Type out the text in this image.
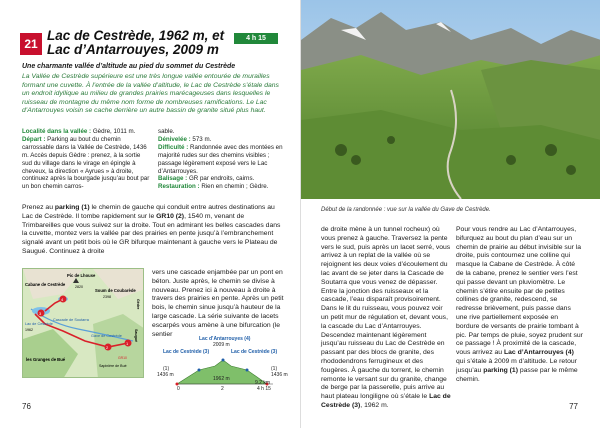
21
Lac de Cestrède, 1962 m, et Lac d’Antarrouyes, 2009 m
4 h 15
Une charmante vallée d’altitude au pied du sommet du Cestrède
La Vallée de Cestrède supérieure est une très longue vallée entourée de murailles formant une cuvette. À l’entrée de la vallée d’altitude, le Lac de Cestrède s’étale dans un endroit idyllique au milieu de grandes prairies marécageuses dans lesquelles le ruisseau de montagne du même nom forme de nombreuses ramifications. Le Lac d’Antarrouyes voisin se cache derrière un autre bassin de granite situé plus haut.
Localité dans la vallée : Gèdre, 1011 m.
Départ : Parking au bout du chemin carrossable dans la Vallée de Cestrède, 1436 m. Accès depuis Gèdre : prenez, à la sortie sud du village dans le virage en épingle à cheveux, la direction « Ayrues » à droite, continuez après la bourgade jusqu’au bout par un bon chemin carros-
sable.
Dénivelée : 573 m.
Difficulté : Randonnée avec des montées en majorité rudes sur des chemins visibles ; passage légèrement exposé vers le Lac d’Antarrouyes.
Balisage : GR par endroits, cairns.
Restauration : Rien en chemin ; Gèdre.
Prenez au parking (1) le chemin de gauche qui conduit entre autres destinations au Lac de Cestrède. Il tombe rapidement sur le GR10 (2), 1540 m, venant de Trimbareilles que vous suivez sur la droite. Tout en admirant les belles cascades dans la cuvette, montez vers la vallée par des prairies en pente jusqu’à l’embranchement signalé avant un petit bois où le GR bifurque maintenant à gauche vers le Plateau de Saugué. Continuez à droite
vers une cascade enjambée par un pont en béton. Juste après, le chemin se divise à nouveau. Prenez ici à nouveau à droite à travers des prairies en pente. Après un petit bois, le chemin sinue jusqu’à hauteur de la large cascade. La série suivante de lacets escarpés vous amène à une bifurcation (le sentier
1
2
3
4
Pic de Lhouse
2820
Soum de Coubarède
2398
Cabane de Cestrède
Lac de Cestrède
1962
Cascade de Soutarra
Gave de Cestrède
les Granges de Bué
Sapinière de Bué
GR10
Saugué
Gèdre
Lac d’Antarrouyes (4)
2009 m
Lac de Cestrède (3)	Lac de Cestrède (3)
(1)
1436 m
(1)
1436 m
1962 m
0	2	4 h 15
9.2 km
76
Début de la randonnée : vue sur la vallée du Gave de Cestrède.
de droite mène à un tunnel rocheux) où vous prenez à gauche. Traversez la pente vers le sud, puis après un lacet serré, vous arrivez à un replat de la vallée où se rejoignent les deux voies d’écoulement du lac avant de se jeter dans la Cascade de Soutarra que vous venez de dépasser. Entre la jonction des ruisseaux et la cascade, l’eau disparaît provisoirement. Dans le lit du ruisseau, vous pouvez voir un petit mur de régulation et, devant vous, la cascade du Lac d’Antarrouyes. Descendez maintenant légèrement jusqu’au ruisseau du Lac de Cestrède en passant par des blocs de granite, des rhododendrons ferrugineux et des fougères. À gauche du torrent, le chemin remonte le versant sur du granite, change de berge par la passerelle, puis arrive au haut plateau longiligne où s’étale le Lac de Cestrède (3), 1962 m.
Pour vous rendre au Lac d’Antarrouyes, bifurquez au bout du plan d’eau sur un chemin de prairie au début invisible sur la droite, puis contournez une colline qui masque la Cabane de Cestrède. À côté de la cabane, prenez le sentier vers l’est qui passe devant un pluviomètre. Le chemin s’étire ensuite par de petites collines de granite, redescend, se redresse brièvement, puis passe dans une rive partiellement exposée en bordure de versants de prairie tombant à pic. Par temps de pluie, soyez prudent sur ce passage ! À proximité de la cascade, vous arrivez au Lac d’Antarrouyes (4) qui s’étale à 2009 m d’altitude. Le retour jusqu’au parking (1) passe par le même chemin.
77
